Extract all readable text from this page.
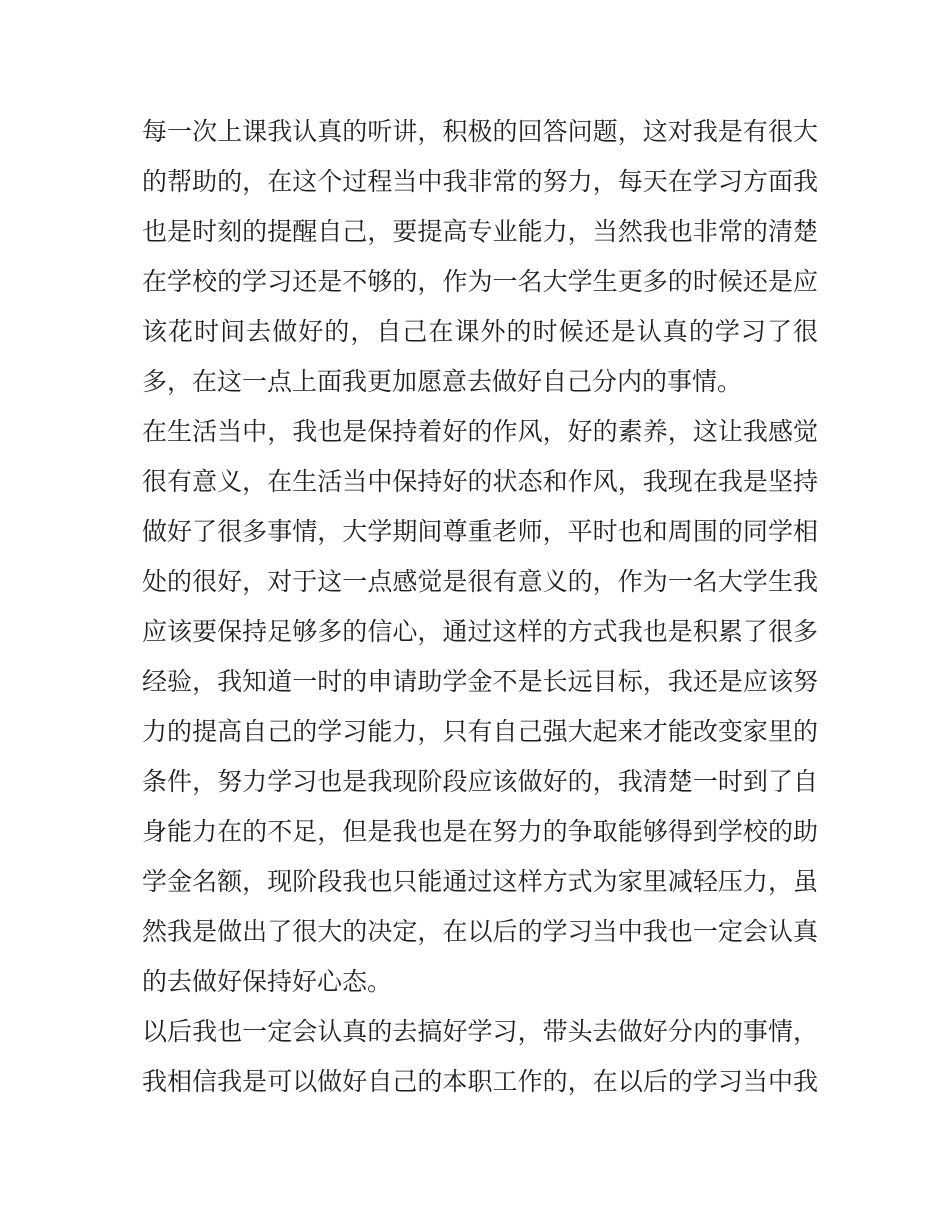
每一次上课我认真的听讲，积极的回答问题，这对我是有很大
的帮助的，在这个过程当中我非常的努力，每天在学习方面我
也是时刻的提醒自己，要提高专业能力，当然我也非常的清楚
在学校的学习还是不够的，作为一名大学生更多的时候还是应
该花时间去做好的，自己在课外的时候还是认真的学习了很
多，在这一点上面我更加愿意去做好自己分内的事情。
在生活当中，我也是保持着好的作风，好的素养，这让我感觉
很有意义，在生活当中保持好的状态和作风，我现在我是坚持
做好了很多事情，大学期间尊重老师，平时也和周围的同学相
处的很好，对于这一点感觉是很有意义的，作为一名大学生我
应该要保持足够多的信心，通过这样的方式我也是积累了很多
经验，我知道一时的申请助学金不是长远目标，我还是应该努
力的提高自己的学习能力，只有自己强大起来才能改变家里的
条件，努力学习也是我现阶段应该做好的，我清楚一时到了自
身能力在的不足，但是我也是在努力的争取能够得到学校的助
学金名额，现阶段我也只能通过这样方式为家里减轻压力，虽
然我是做出了很大的决定，在以后的学习当中我也一定会认真
的去做好保持好心态。
以后我也一定会认真的去搞好学习，带头去做好分内的事情，
我相信我是可以做好自己的本职工作的，在以后的学习当中我
